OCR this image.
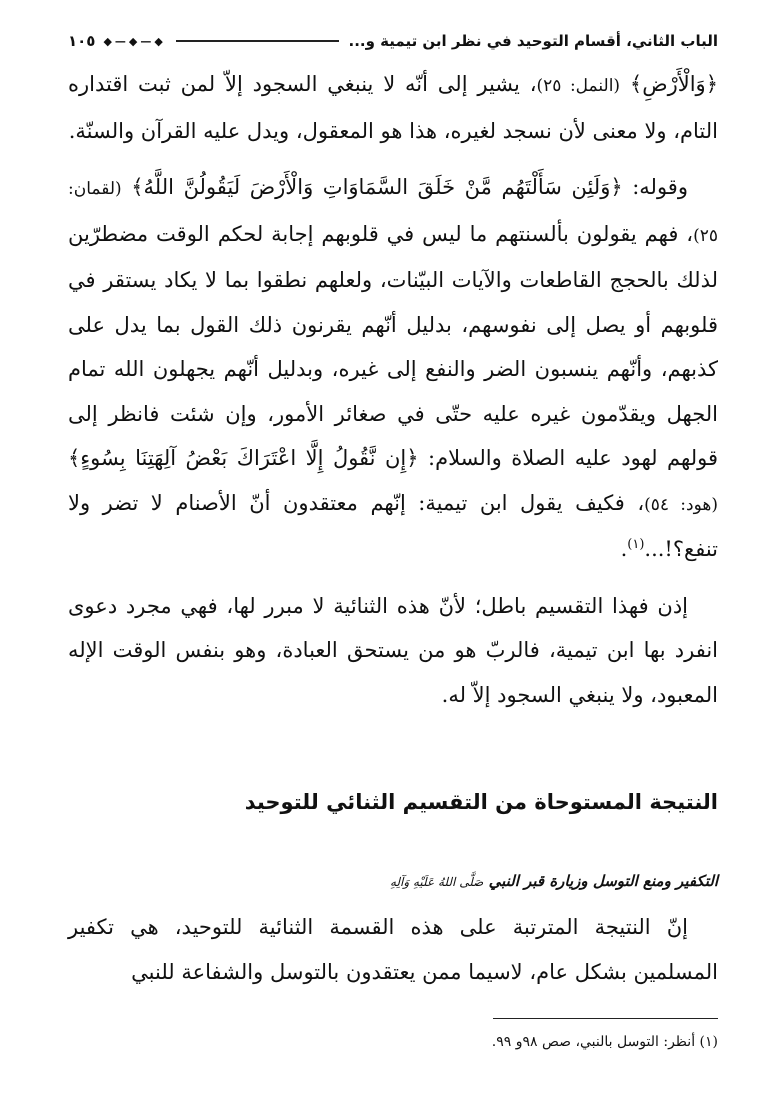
الباب الثاني، أقسام التوحيد في نظر ابن تيمية و...
◆—◆—◆
١٠٥

﴿وَالْأَرْضِ﴾ (النمل: ٢٥)، يشير إلى أنّه لا ينبغي السجود إلاّ لمن ثبت اقتداره التام، ولا معنى لأن نسجد لغيره، هذا هو المعقول، ويدل عليه القرآن والسنّة.

وقوله: ﴿وَلَئِن سَأَلْتَهُم مَّنْ خَلَقَ السَّمَاوَاتِ وَالْأَرْضَ لَيَقُولُنَّ اللَّهُ﴾ (لقمان: ٢٥)، فهم يقولون بألسنتهم ما ليس في قلوبهم إجابة لحكم الوقت مضطرّين لذلك بالحجج القاطعات والآيات البيّنات، ولعلهم نطقوا بما لا يكاد يستقر في قلوبهم أو يصل إلى نفوسهم، بدليل أنّهم يقرنون ذلك القول بما يدل على كذبهم، وأنّهم ينسبون الضر والنفع إلى غيره، وبدليل أنّهم يجهلون الله تمام الجهل ويقدّمون غيره عليه حتّى في صغائر الأمور، وإن شئت فانظر إلى قولهم لهود عليه الصلاة والسلام: ﴿إِن نَّقُولُ إِلَّا اعْتَرَاكَ بَعْضُ آلِهَتِنَا بِسُوءٍ﴾ (هود: ٥٤)، فكيف يقول ابن تيمية: إنّهم معتقدون أنّ الأصنام لا تضر ولا تنفع؟!...$^{(١)}$.

إذن فهذا التقسيم باطل؛ لأنّ هذه الثنائية لا مبرر لها، فهي مجرد دعوى انفرد بها ابن تيمية، فالربّ هو من يستحق العبادة، وهو بنفس الوقت الإله المعبود، ولا ينبغي السجود إلاّ له.

النتيجة المستوحاة من التقسيم الثنائي للتوحيد
التكفير ومنع التوسل وزيارة قبر النبي صَلَّى اللهُ عَلَيْهِ وَآلِهِ

إنّ النتيجة المترتبة على هذه القسمة الثنائية للتوحيد، هي تكفير المسلمين بشكل عام، لاسيما ممن يعتقدون بالتوسل والشفاعة للنبي

(١) أنظر: التوسل بالنبي، صص ٩٨و ٩٩.
